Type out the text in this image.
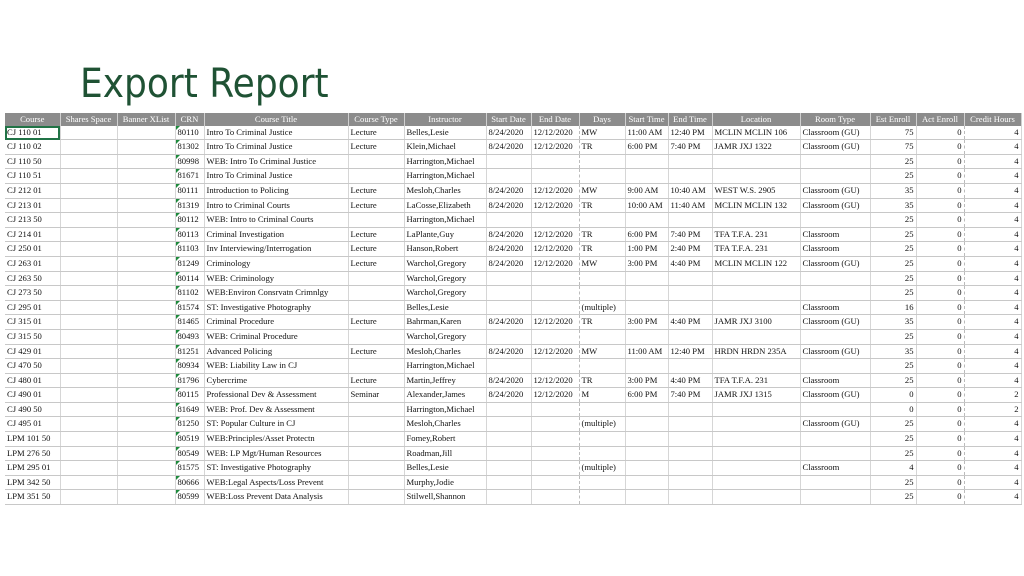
Export Report
Course	Shares Space	Banner XList	CRN	Course Title	Course Type	Instructor	Start Date	End Date	Days	Start Time	End Time	Location	Room Type	Est Enroll	Act Enroll	Credit Hours
CJ 110 01			80110	Intro To Criminal Justice	Lecture	Belles,Lesie	8/24/2020	12/12/2020	MW	11:00 AM	12:40 PM	MCLIN MCLIN 106	Classroom (GU)	75	0	4
CJ 110 02			81302	Intro To Criminal Justice	Lecture	Klein,Michael	8/24/2020	12/12/2020	TR	6:00 PM	7:40 PM	JAMR JXJ 1322	Classroom (GU)	75	0	4
CJ 110 50			80998	WEB: Intro To Criminal Justice		Harrington,Michael								25	0	4
CJ 110 51			81671	Intro To Criminal Justice		Harrington,Michael								25	0	4
CJ 212 01			80111	Introduction to Policing	Lecture	Mesloh,Charles	8/24/2020	12/12/2020	MW	9:00 AM	10:40 AM	WEST W.S. 2905	Classroom (GU)	35	0	4
CJ 213 01			81319	Intro to Criminal Courts	Lecture	LaCosse,Elizabeth	8/24/2020	12/12/2020	TR	10:00 AM	11:40 AM	MCLIN MCLIN 132	Classroom (GU)	35	0	4
CJ 213 50			80112	WEB: Intro to Criminal Courts		Harrington,Michael								25	0	4
CJ 214 01			80113	Criminal Investigation	Lecture	LaPlante,Guy	8/24/2020	12/12/2020	TR	6:00 PM	7:40 PM	TFA T.F.A. 231	Classroom	25	0	4
CJ 250 01			81103	Inv Interviewing/Interrogation	Lecture	Hanson,Robert	8/24/2020	12/12/2020	TR	1:00 PM	2:40 PM	TFA T.F.A. 231	Classroom	25	0	4
CJ 263 01			81249	Criminology	Lecture	Warchol,Gregory	8/24/2020	12/12/2020	MW	3:00 PM	4:40 PM	MCLIN MCLIN 122	Classroom (GU)	25	0	4
CJ 263 50			80114	WEB: Criminology		Warchol,Gregory								25	0	4
CJ 273 50			81102	WEB:Environ Consrvatn Crimnlgy		Warchol,Gregory								25	0	4
CJ 295 01			81574	ST: Investigative Photography		Belles,Lesie			(multiple)				Classroom	16	0	4
CJ 315 01			81465	Criminal Procedure	Lecture	Bahrman,Karen	8/24/2020	12/12/2020	TR	3:00 PM	4:40 PM	JAMR JXJ 3100	Classroom (GU)	35	0	4
CJ 315 50			80493	WEB: Criminal Procedure		Warchol,Gregory								25	0	4
CJ 429 01			81251	Advanced Policing	Lecture	Mesloh,Charles	8/24/2020	12/12/2020	MW	11:00 AM	12:40 PM	HRDN HRDN 235A	Classroom (GU)	35	0	4
CJ 470 50			80934	WEB: Liability Law in CJ		Harrington,Michael								25	0	4
CJ 480 01			81796	Cybercrime	Lecture	Martin,Jeffrey	8/24/2020	12/12/2020	TR	3:00 PM	4:40 PM	TFA T.F.A. 231	Classroom	25	0	4
CJ 490 01			80115	Professional Dev & Assessment	Seminar	Alexander,James	8/24/2020	12/12/2020	M	6:00 PM	7:40 PM	JAMR JXJ 1315	Classroom (GU)	0	0	2
CJ 490 50			81649	WEB: Prof. Dev & Assessment		Harrington,Michael								0	0	2
CJ 495 01			81250	ST: Popular Culture in CJ		Mesloh,Charles			(multiple)				Classroom (GU)	25	0	4
LPM 101 50			80519	WEB:Principles/Asset Protectn		Fomey,Robert								25	0	4
LPM 276 50			80549	WEB: LP Mgt/Human Resources		Roadman,Jill								25	0	4
LPM 295 01			81575	ST: Investigative Photography		Belles,Lesie			(multiple)				Classroom	4	0	4
LPM 342 50			80666	WEB:Legal Aspects/Loss Prevent		Murphy,Jodie								25	0	4
LPM 351 50			80599	WEB:Loss Prevent Data Analysis		Stilwell,Shannon								25	0	4
